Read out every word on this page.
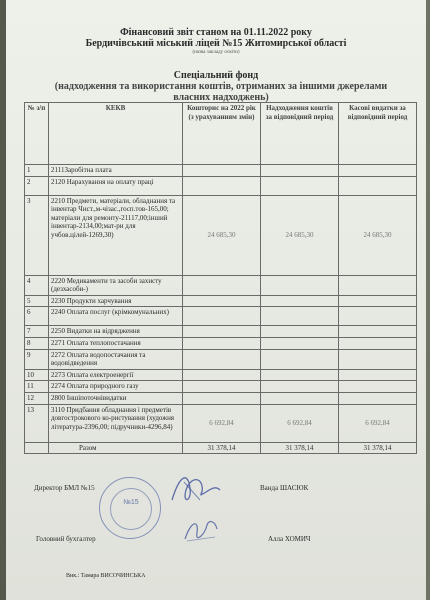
Фінансовий звіт станом на 01.11.2022 року
Бердичівський міський ліцей №15 Житомирської області
(назва закладу освіти)
Спеціальний фонд
(надходження та використання коштів, отриманих за іншими джерелами власних надходжень)
№ з/п	КЕКВ	Кошторис на 2022 рік (з урахуванням змін)	Надходження коштів за відповідний період	Касові видатки за відповідний період
1	2111Заробітна плата			
2	2120 Нарахування на оплату праці			
3	2210 Предмети, матеріали, обладнання та інвентар Чист.,м-чізас.,госп.тов-165,00; матеріали для ремонту-21117,00;інший інвентар-2134,00;мат-ри для учбов.цілей-1269,30)	24 685,30	24 685,30	24 685,30
4	2220 Медикаменти та засоби захисту (дезхасоби-)			
5	2230 Продукти харчування			
6	2240 Оплата послуг (крімкомунальних)			
7	2250 Видатки на відрядження			
8	2271 Оплата теплопостачання			
9	2272 Оплата водопостачання та водовідведення			
10	2273 Оплата електроенергії			
11	2274 Оплата природного газу			
12	2800 Іншіпоточнівидатки			
13	3110 Придбання обладнання і предметів довгострокового ко-ристування (художня література-2396,00; підручники-4296,84)	6 692,84	6 692,84	6 692,84
	Разом	31 378,14	31 378,14	31 378,14
Директор БМЛ №15	Ванда ШАСЮК
Головний бухгалтер	Алла ХОМИЧ
Вик.: Тамара ВИСОЧИНСЬКА
№15
